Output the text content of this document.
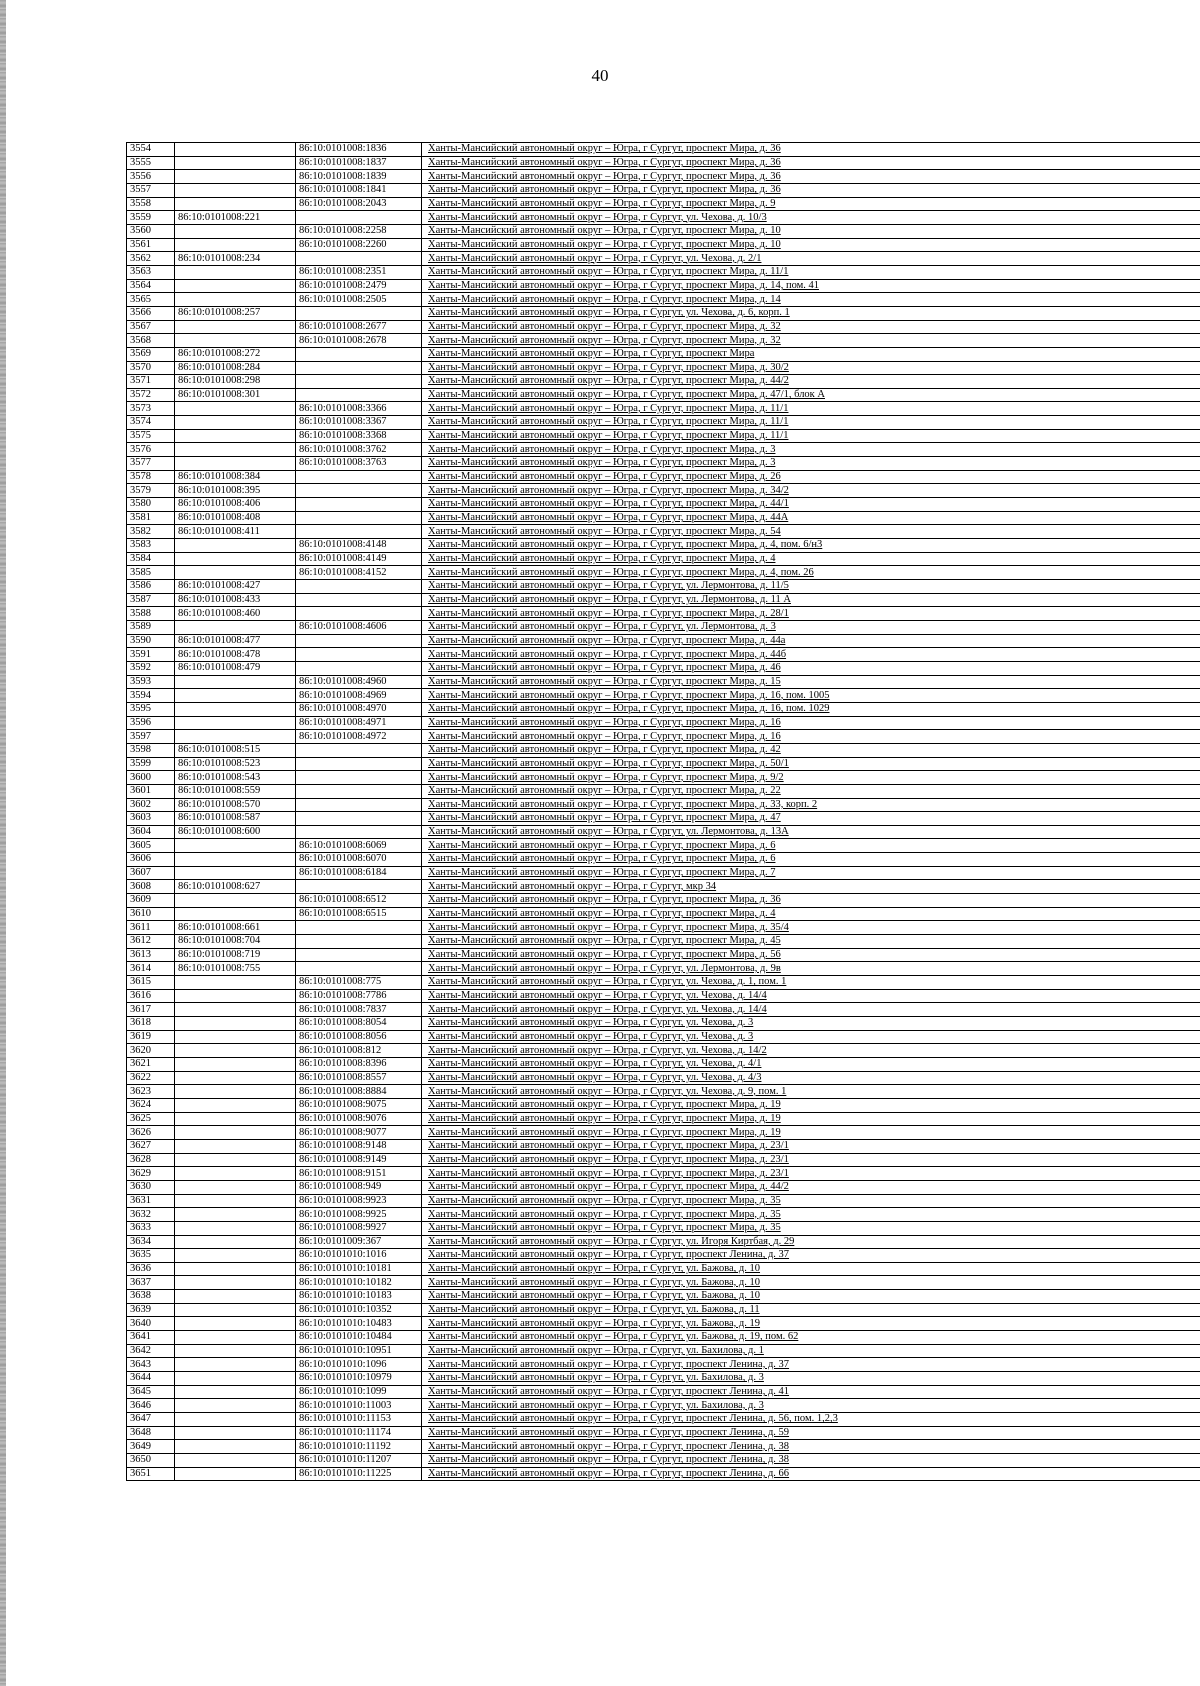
40
3554		86:10:0101008:1836	Ханты-Мансийский автономный округ – Югра, г Сургут, проспект Мира, д. 36
3555		86:10:0101008:1837	Ханты-Мансийский автономный округ – Югра, г Сургут, проспект Мира, д. 36
3556		86:10:0101008:1839	Ханты-Мансийский автономный округ – Югра, г Сургут, проспект Мира, д. 36
3557		86:10:0101008:1841	Ханты-Мансийский автономный округ – Югра, г Сургут, проспект Мира, д. 36
3558		86:10:0101008:2043	Ханты-Мансийский автономный округ – Югра, г Сургут, проспект Мира, д. 9
3559	86:10:0101008:221		Ханты-Мансийский автономный округ – Югра, г Сургут, ул. Чехова, д. 10/3
3560		86:10:0101008:2258	Ханты-Мансийский автономный округ – Югра, г Сургут, проспект Мира, д. 10
3561		86:10:0101008:2260	Ханты-Мансийский автономный округ – Югра, г Сургут, проспект Мира, д. 10
3562	86:10:0101008:234		Ханты-Мансийский автономный округ – Югра, г Сургут, ул. Чехова, д. 2/1
3563		86:10:0101008:2351	Ханты-Мансийский автономный округ – Югра, г Сургут, проспект Мира, д. 11/1
3564		86:10:0101008:2479	Ханты-Мансийский автономный округ – Югра, г Сургут, проспект Мира, д. 14, пом. 41
3565		86:10:0101008:2505	Ханты-Мансийский автономный округ – Югра, г Сургут, проспект Мира, д. 14
3566	86:10:0101008:257		Ханты-Мансийский автономный округ – Югра, г Сургут, ул. Чехова, д. 6, корп. 1
3567		86:10:0101008:2677	Ханты-Мансийский автономный округ – Югра, г Сургут, проспект Мира, д. 32
3568		86:10:0101008:2678	Ханты-Мансийский автономный округ – Югра, г Сургут, проспект Мира, д. 32
3569	86:10:0101008:272		Ханты-Мансийский автономный округ – Югра, г Сургут, проспект Мира
3570	86:10:0101008:284		Ханты-Мансийский автономный округ – Югра, г Сургут, проспект Мира, д. 30/2
3571	86:10:0101008:298		Ханты-Мансийский автономный округ – Югра, г Сургут, проспект Мира, д. 44/2
3572	86:10:0101008:301		Ханты-Мансийский автономный округ – Югра, г Сургут, проспект Мира, д. 47/1, блок А
3573		86:10:0101008:3366	Ханты-Мансийский автономный округ – Югра, г Сургут, проспект Мира, д. 11/1
3574		86:10:0101008:3367	Ханты-Мансийский автономный округ – Югра, г Сургут, проспект Мира, д. 11/1
3575		86:10:0101008:3368	Ханты-Мансийский автономный округ – Югра, г Сургут, проспект Мира, д. 11/1
3576		86:10:0101008:3762	Ханты-Мансийский автономный округ – Югра, г Сургут, проспект Мира, д. 3
3577		86:10:0101008:3763	Ханты-Мансийский автономный округ – Югра, г Сургут, проспект Мира, д. 3
3578	86:10:0101008:384		Ханты-Мансийский автономный округ – Югра, г Сургут, проспект Мира, д. 26
3579	86:10:0101008:395		Ханты-Мансийский автономный округ – Югра, г Сургут, проспект Мира, д. 34/2
3580	86:10:0101008:406		Ханты-Мансийский автономный округ – Югра, г Сургут, проспект Мира, д. 44/1
3581	86:10:0101008:408		Ханты-Мансийский автономный округ – Югра, г Сургут, проспект Мира, д. 44А
3582	86:10:0101008:411		Ханты-Мансийский автономный округ – Югра, г Сургут, проспект Мира, д. 54
3583		86:10:0101008:4148	Ханты-Мансийский автономный округ – Югра, г Сургут, проспект Мира, д. 4, пом. 6/н3
3584		86:10:0101008:4149	Ханты-Мансийский автономный округ – Югра, г Сургут, проспект Мира, д. 4
3585		86:10:0101008:4152	Ханты-Мансийский автономный округ – Югра, г Сургут, проспект Мира, д. 4, пом. 26
3586	86:10:0101008:427		Ханты-Мансийский автономный округ – Югра, г Сургут, ул. Лермонтова, д. 11/5
3587	86:10:0101008:433		Ханты-Мансийский автономный округ – Югра, г Сургут, ул. Лермонтова, д. 11 А
3588	86:10:0101008:460		Ханты-Мансийский автономный округ – Югра, г Сургут, проспект Мира, д. 28/1
3589		86:10:0101008:4606	Ханты-Мансийский автономный округ – Югра, г Сургут, ул. Лермонтова, д. 3
3590	86:10:0101008:477		Ханты-Мансийский автономный округ – Югра, г Сургут, проспект Мира, д. 44а
3591	86:10:0101008:478		Ханты-Мансийский автономный округ – Югра, г Сургут, проспект Мира, д. 44б
3592	86:10:0101008:479		Ханты-Мансийский автономный округ – Югра, г Сургут, проспект Мира, д. 46
3593		86:10:0101008:4960	Ханты-Мансийский автономный округ – Югра, г Сургут, проспект Мира, д. 15
3594		86:10:0101008:4969	Ханты-Мансийский автономный округ – Югра, г Сургут, проспект Мира, д. 16, пом. 1005
3595		86:10:0101008:4970	Ханты-Мансийский автономный округ – Югра, г Сургут, проспект Мира, д. 16, пом. 1029
3596		86:10:0101008:4971	Ханты-Мансийский автономный округ – Югра, г Сургут, проспект Мира, д. 16
3597		86:10:0101008:4972	Ханты-Мансийский автономный округ – Югра, г Сургут, проспект Мира, д. 16
3598	86:10:0101008:515		Ханты-Мансийский автономный округ – Югра, г Сургут, проспект Мира, д. 42
3599	86:10:0101008:523		Ханты-Мансийский автономный округ – Югра, г Сургут, проспект Мира, д. 50/1
3600	86:10:0101008:543		Ханты-Мансийский автономный округ – Югра, г Сургут, проспект Мира, д. 9/2
3601	86:10:0101008:559		Ханты-Мансийский автономный округ – Югра, г Сургут, проспект Мира, д. 22
3602	86:10:0101008:570		Ханты-Мансийский автономный округ – Югра, г Сургут, проспект Мира, д. 33, корп. 2
3603	86:10:0101008:587		Ханты-Мансийский автономный округ – Югра, г Сургут, проспект Мира, д. 47
3604	86:10:0101008:600		Ханты-Мансийский автономный округ – Югра, г Сургут, ул. Лермонтова, д. 13А
3605		86:10:0101008:6069	Ханты-Мансийский автономный округ – Югра, г Сургут, проспект Мира, д. 6
3606		86:10:0101008:6070	Ханты-Мансийский автономный округ – Югра, г Сургут, проспект Мира, д. 6
3607		86:10:0101008:6184	Ханты-Мансийский автономный округ – Югра, г Сургут, проспект Мира, д. 7
3608	86:10:0101008:627		Ханты-Мансийский автономный округ – Югра, г Сургут, мкр 34
3609		86:10:0101008:6512	Ханты-Мансийский автономный округ – Югра, г Сургут, проспект Мира, д. 36
3610		86:10:0101008:6515	Ханты-Мансийский автономный округ – Югра, г Сургут, проспект Мира, д. 4
3611	86:10:0101008:661		Ханты-Мансийский автономный округ – Югра, г Сургут, проспект Мира, д. 35/4
3612	86:10:0101008:704		Ханты-Мансийский автономный округ – Югра, г Сургут, проспект Мира, д. 45
3613	86:10:0101008:719		Ханты-Мансийский автономный округ – Югра, г Сургут, проспект Мира, д. 56
3614	86:10:0101008:755		Ханты-Мансийский автономный округ – Югра, г Сургут, ул. Лермонтова, д. 9в
3615		86:10:0101008:775	Ханты-Мансийский автономный округ – Югра, г Сургут, ул. Чехова, д. 1, пом. 1
3616		86:10:0101008:7786	Ханты-Мансийский автономный округ – Югра, г Сургут, ул. Чехова, д. 14/4
3617		86:10:0101008:7837	Ханты-Мансийский автономный округ – Югра, г Сургут, ул. Чехова, д. 14/4
3618		86:10:0101008:8054	Ханты-Мансийский автономный округ – Югра, г Сургут, ул. Чехова, д. 3
3619		86:10:0101008:8056	Ханты-Мансийский автономный округ – Югра, г Сургут, ул. Чехова, д. 3
3620		86:10:0101008:812	Ханты-Мансийский автономный округ – Югра, г Сургут, ул. Чехова, д. 14/2
3621		86:10:0101008:8396	Ханты-Мансийский автономный округ – Югра, г Сургут, ул. Чехова, д. 4/1
3622		86:10:0101008:8557	Ханты-Мансийский автономный округ – Югра, г Сургут, ул. Чехова, д. 4/3
3623		86:10:0101008:8884	Ханты-Мансийский автономный округ – Югра, г Сургут, ул. Чехова, д. 9, пом. 1
3624		86:10:0101008:9075	Ханты-Мансийский автономный округ – Югра, г Сургут, проспект Мира, д. 19
3625		86:10:0101008:9076	Ханты-Мансийский автономный округ – Югра, г Сургут, проспект Мира, д. 19
3626		86:10:0101008:9077	Ханты-Мансийский автономный округ – Югра, г Сургут, проспект Мира, д. 19
3627		86:10:0101008:9148	Ханты-Мансийский автономный округ – Югра, г Сургут, проспект Мира, д. 23/1
3628		86:10:0101008:9149	Ханты-Мансийский автономный округ – Югра, г Сургут, проспект Мира, д. 23/1
3629		86:10:0101008:9151	Ханты-Мансийский автономный округ – Югра, г Сургут, проспект Мира, д. 23/1
3630		86:10:0101008:949	Ханты-Мансийский автономный округ – Югра, г Сургут, проспект Мира, д. 44/2
3631		86:10:0101008:9923	Ханты-Мансийский автономный округ – Югра, г Сургут, проспект Мира, д. 35
3632		86:10:0101008:9925	Ханты-Мансийский автономный округ – Югра, г Сургут, проспект Мира, д. 35
3633		86:10:0101008:9927	Ханты-Мансийский автономный округ – Югра, г Сургут, проспект Мира, д. 35
3634		86:10:0101009:367	Ханты-Мансийский автономный округ – Югра, г Сургут, ул. Игоря Киртбая, д. 29
3635		86:10:0101010:1016	Ханты-Мансийский автономный округ – Югра, г Сургут, проспект Ленина, д. 37
3636		86:10:0101010:10181	Ханты-Мансийский автономный округ – Югра, г Сургут, ул. Бажова, д. 10
3637		86:10:0101010:10182	Ханты-Мансийский автономный округ – Югра, г Сургут, ул. Бажова, д. 10
3638		86:10:0101010:10183	Ханты-Мансийский автономный округ – Югра, г Сургут, ул. Бажова, д. 10
3639		86:10:0101010:10352	Ханты-Мансийский автономный округ – Югра, г Сургут, ул. Бажова, д. 11
3640		86:10:0101010:10483	Ханты-Мансийский автономный округ – Югра, г Сургут, ул. Бажова, д. 19
3641		86:10:0101010:10484	Ханты-Мансийский автономный округ – Югра, г Сургут, ул. Бажова, д. 19, пом. 62
3642		86:10:0101010:10951	Ханты-Мансийский автономный округ – Югра, г Сургут, ул. Бахилова, д. 1
3643		86:10:0101010:1096	Ханты-Мансийский автономный округ – Югра, г Сургут, проспект Ленина, д. 37
3644		86:10:0101010:10979	Ханты-Мансийский автономный округ – Югра, г Сургут, ул. Бахилова, д. 3
3645		86:10:0101010:1099	Ханты-Мансийский автономный округ – Югра, г Сургут, проспект Ленина, д. 41
3646		86:10:0101010:11003	Ханты-Мансийский автономный округ – Югра, г Сургут, ул. Бахилова, д. 3
3647		86:10:0101010:11153	Ханты-Мансийский автономный округ – Югра, г Сургут, проспект Ленина, д. 56, пом. 1,2,3
3648		86:10:0101010:11174	Ханты-Мансийский автономный округ – Югра, г Сургут, проспект Ленина, д. 59
3649		86:10:0101010:11192	Ханты-Мансийский автономный округ – Югра, г Сургут, проспект Ленина, д. 38
3650		86:10:0101010:11207	Ханты-Мансийский автономный округ – Югра, г Сургут, проспект Ленина, д. 38
3651		86:10:0101010:11225	Ханты-Мансийский автономный округ – Югра, г Сургут, проспект Ленина, д. 66
